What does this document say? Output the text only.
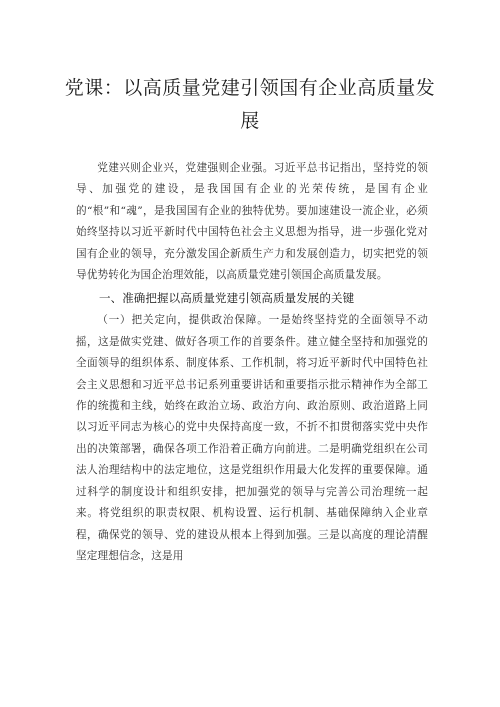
党课：以高质量党建引领国有企业高质量发展

党建兴则企业兴，党建强则企业强。习近平总书记指出，坚持党的领导、加强党的建设，是我国国有企业的光荣传统，是国有企业的“根”和“魂”，是我国国有企业的独特优势。要加速建设一流企业，必须始终坚持以习近平新时代中国特色社会主义思想为指导，进一步强化党对国有企业的领导，充分激发国企新质生产力和发展创造力，切实把党的领导优势转化为国企治理效能，以高质量党建引领国企高质量发展。

一、准确把握以高质量党建引领高质量发展的关键

（一）把关定向，提供政治保障。一是始终坚持党的全面领导不动摇，这是做实党建、做好各项工作的首要条件。建立健全坚持和加强党的全面领导的组织体系、制度体系、工作机制，将习近平新时代中国特色社会主义思想和习近平总书记系列重要讲话和重要指示批示精神作为全部工作的统揽和主线，始终在政治立场、政治方向、政治原则、政治道路上同以习近平同志为核心的党中央保持高度一致，不折不扣贯彻落实党中央作出的决策部署，确保各项工作沿着正确方向前进。二是明确党组织在公司法人治理结构中的法定地位，这是党组织作用最大化发挥的重要保障。通过科学的制度设计和组织安排，把加强党的领导与完善公司治理统一起来。将党组织的职责权限、机构设置、运行机制、基础保障纳入企业章程，确保党的领导、党的建设从根本上得到加强。三是以高度的理论清醒坚定理想信念，这是用
